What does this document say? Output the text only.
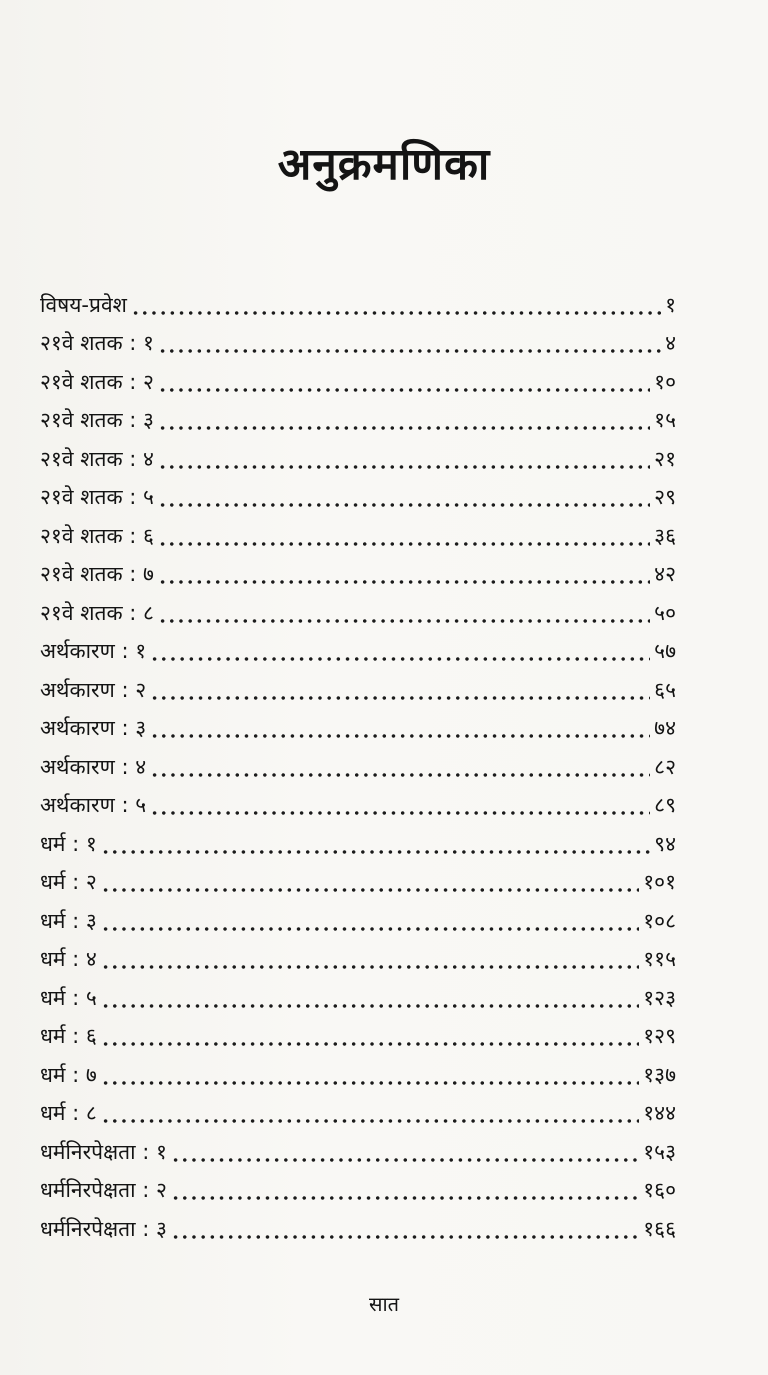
अनुक्रमणिका
विषय-प्रवेश	१
२१वे शतक : १	४
२१वे शतक : २	१०
२१वे शतक : ३	१५
२१वे शतक : ४	२१
२१वे शतक : ५	२९
२१वे शतक : ६	३६
२१वे शतक : ७	४२
२१वे शतक : ८	५०
अर्थकारण : १	५७
अर्थकारण : २	६५
अर्थकारण : ३	७४
अर्थकारण : ४	८२
अर्थकारण : ५	८९
धर्म : १	९४
धर्म : २	१०१
धर्म : ३	१०८
धर्म : ४	११५
धर्म : ५	१२३
धर्म : ६	१२९
धर्म : ७	१३७
धर्म : ८	१४४
धर्मनिरपेक्षता : १	१५३
धर्मनिरपेक्षता : २	१६०
धर्मनिरपेक्षता : ३	१६६
सात
